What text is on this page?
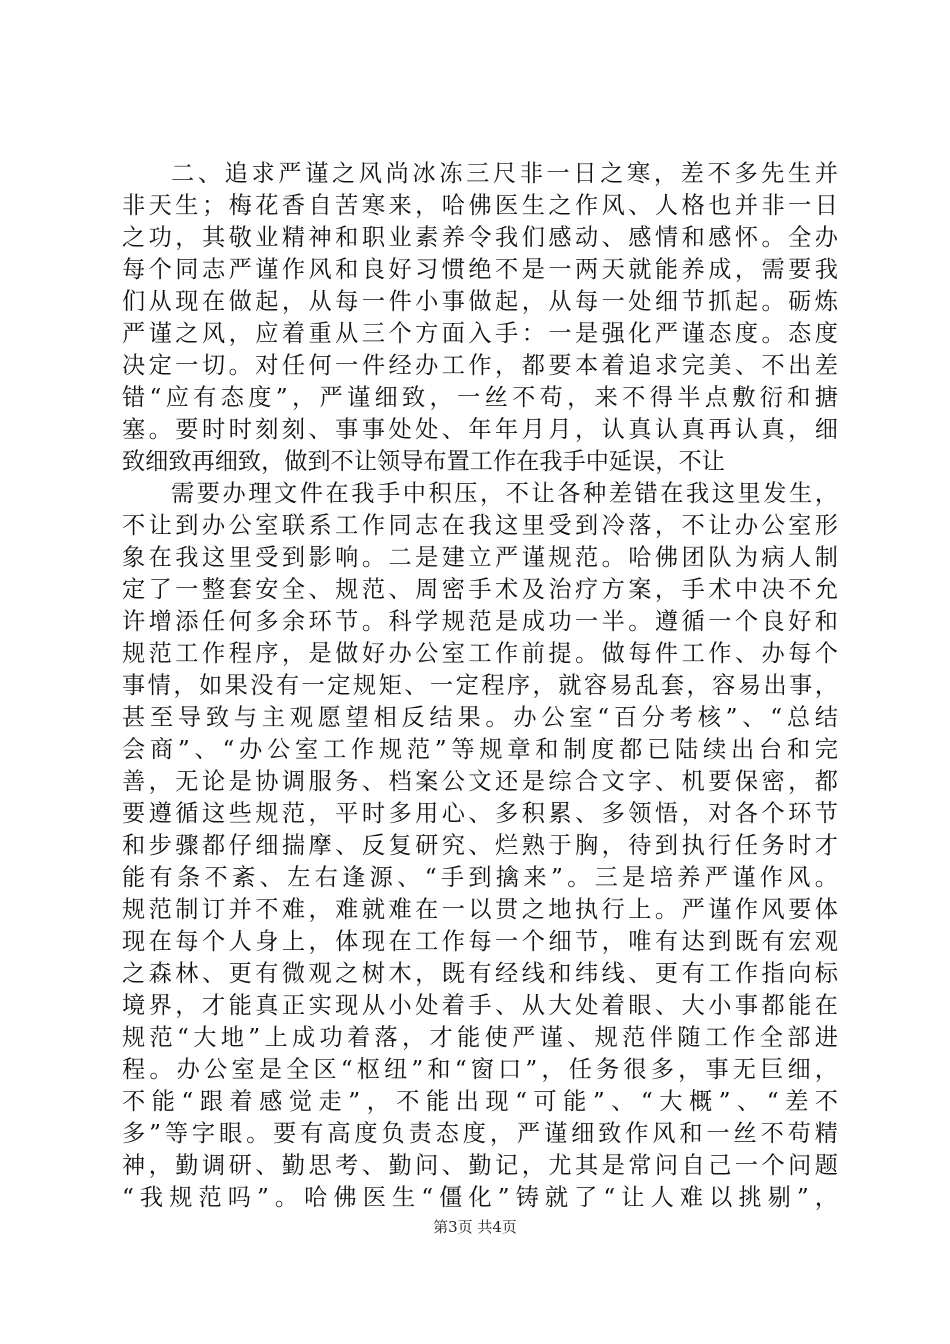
二、追求严谨之风尚冰冻三尺非一日之寒，差不多先生并
非天生；梅花香自苦寒来，哈佛医生之作风、人格也并非一日
之功，其敬业精神和职业素养令我们感动、感情和感怀。全办
每个同志严谨作风和良好习惯绝不是一两天就能养成，需要我
们从现在做起，从每一件小事做起，从每一处细节抓起。砺炼
严谨之风，应着重从三个方面入手：一是强化严谨态度。态度
决定一切。对任何一件经办工作，都要本着追求完美、不出差
错“应有态度”，严谨细致，一丝不苟，来不得半点敷衍和搪
塞。要时时刻刻、事事处处、年年月月，认真认真再认真，细
致细致再细致，做到不让领导布置工作在我手中延误，不让
需要办理文件在我手中积压，不让各种差错在我这里发生，
不让到办公室联系工作同志在我这里受到冷落，不让办公室形
象在我这里受到影响。二是建立严谨规范。哈佛团队为病人制
定了一整套安全、规范、周密手术及治疗方案，手术中决不允
许增添任何多余环节。科学规范是成功一半。遵循一个良好和
规范工作程序，是做好办公室工作前提。做每件工作、办每个
事情，如果没有一定规矩、一定程序，就容易乱套，容易出事，
甚至导致与主观愿望相反结果。办公室“百分考核”、“总结
会商”、“办公室工作规范”等规章和制度都已陆续出台和完
善，无论是协调服务、档案公文还是综合文字、机要保密，都
要遵循这些规范，平时多用心、多积累、多领悟，对各个环节
和步骤都仔细揣摩、反复研究、烂熟于胸，待到执行任务时才
能有条不紊、左右逢源、“手到擒来”。三是培养严谨作风。
规范制订并不难，难就难在一以贯之地执行上。严谨作风要体
现在每个人身上，体现在工作每一个细节，唯有达到既有宏观
之森林、更有微观之树木，既有经线和纬线、更有工作指向标
境界，才能真正实现从小处着手、从大处着眼、大小事都能在
规范“大地”上成功着落，才能使严谨、规范伴随工作全部进
程。办公室是全区“枢纽”和“窗口”，任务很多，事无巨细，
不能“跟着感觉走”，不能出现“可能”、“大概”、“差不
多”等字眼。要有高度负责态度，严谨细致作风和一丝不苟精
神，勤调研、勤思考、勤问、勤记，尤其是常问自己一个问题
“我规范吗”。哈佛医生“僵化”铸就了“让人难以挑剔”，
第3页 共4页
